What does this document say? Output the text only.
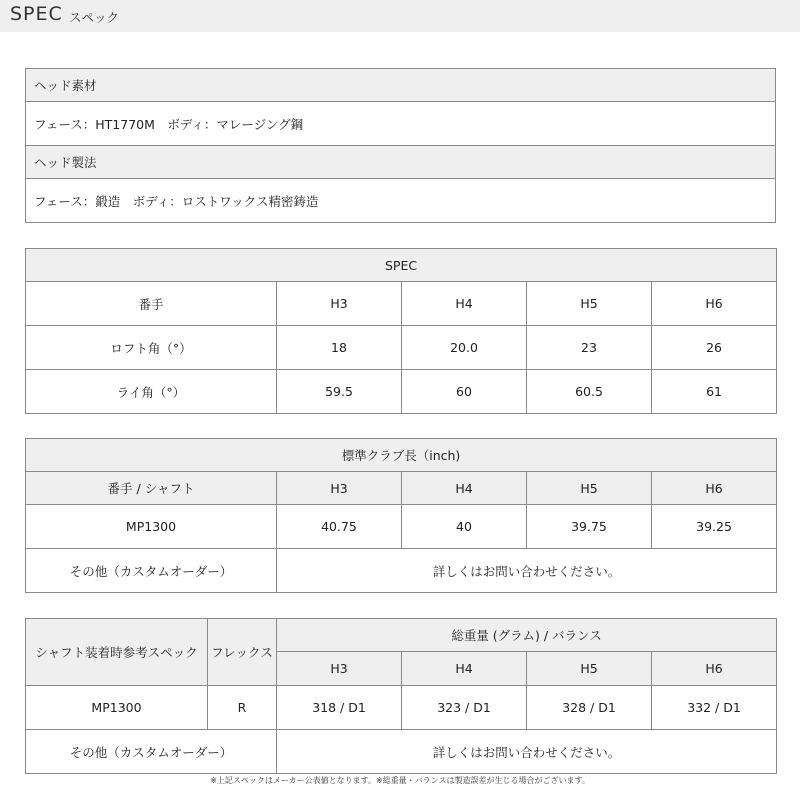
SPEC スペック
ヘッド素材
フェース：HT1770M　ボディ：マレージング鋼
ヘッド製法
フェース：鍛造　ボディ：ロストワックス精密鋳造
SPEC				
番手	H3	H4	H5	H6
ロフト角（°）	18	20.0	23	26
ライ角（°）	59.5	60	60.5	61
標準クラブ長（inch)				
番手 / シャフト	H3	H4	H5	H6
MP1300	40.75	40	39.75	39.25
その他（カスタムオーダー）	詳しくはお問い合わせください。			
シャフト装着時参考スペック	フレックス	総重量 (グラム) / バランス			
		H3	H4	H5	H6
MP1300	R	318 / D1	323 / D1	328 / D1	332 / D1
その他（カスタムオーダー）		詳しくはお問い合わせください。			
※上記スペックはメーカー公表値となります。※総重量・バランスは製造誤差が生じる場合がございます。
